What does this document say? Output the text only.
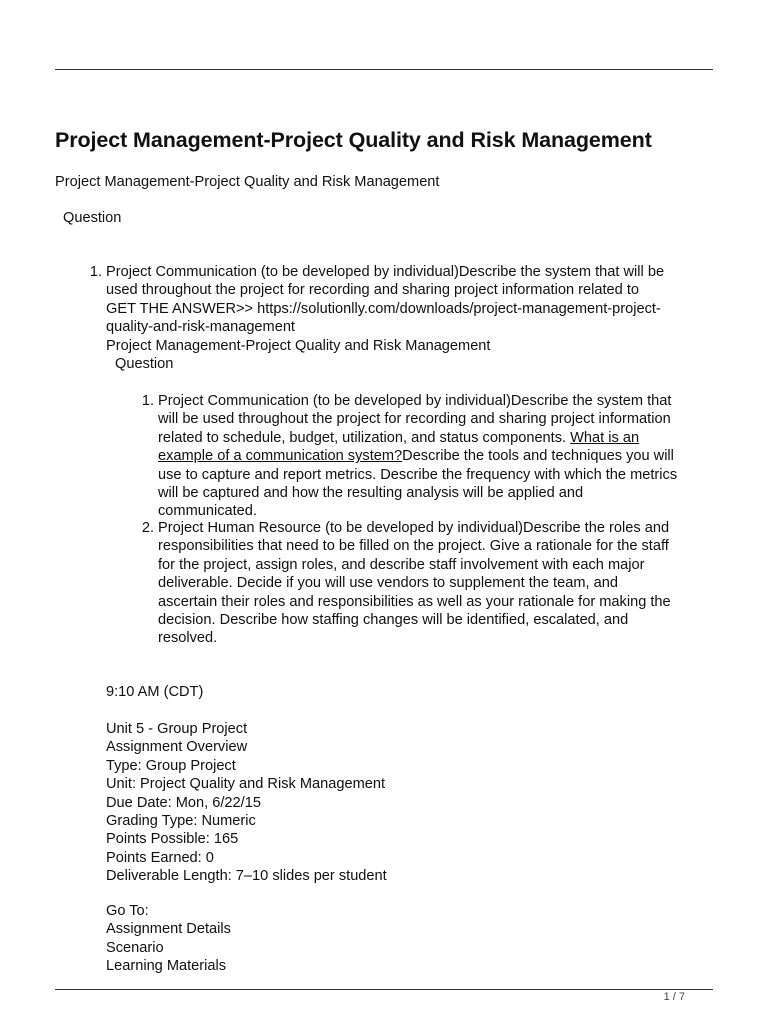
Project Management-Project Quality and Risk Management
Project Management-Project Quality and Risk Management
Question
1. Project Communication (to be developed by individual)Describe the system that will be

used throughout the project for recording and sharing project information related to

GET THE ANSWER>> https://solutionlly.com/downloads/project-management-project-

quality-and-risk-management

Project Management-Project Quality and Risk Management

Question

1. Project Communication (to be developed by individual)Describe the system that

will be used throughout the project for recording and sharing project information

related to schedule, budget, utilization, and status components. What is an

example of a communication system?Describe the tools and techniques you will

use to capture and report metrics. Describe the frequency with which the metrics

will be captured and how the resulting analysis will be applied and

communicated.

2. Project Human Resource (to be developed by individual)Describe the roles and

responsibilities that need to be filled on the project. Give a rationale for the staff

for the project, assign roles, and describe staff involvement with each major

deliverable. Decide if you will use vendors to supplement the team, and

ascertain their roles and responsibilities as well as your rationale for making the

decision. Describe how staffing changes will be identified, escalated, and

resolved.

9:10 AM (CDT)

Unit 5 - Group Project

Assignment Overview

Type: Group Project

Unit: Project Quality and Risk Management

Due Date: Mon, 6/22/15

Grading Type: Numeric

Points Possible: 165

Points Earned: 0

Deliverable Length: 7–10 slides per student

Go To:

Assignment Details

Scenario

Learning Materials

1 / 7
